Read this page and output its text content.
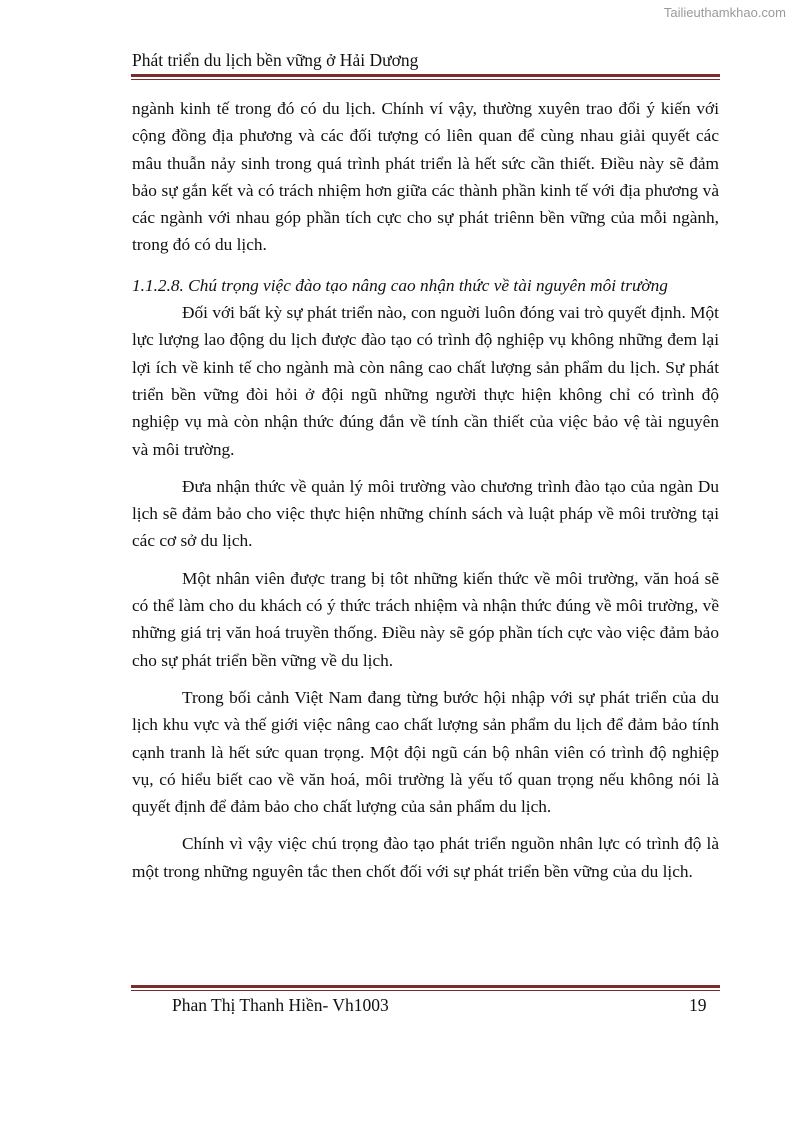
Tailieuthamkhao.com
Phát triển du lịch bền vững ở Hải Dương

ngành kinh tế trong đó có du lịch. Chính ví vậy, thường xuyên trao đổi ý kiến với cộng đồng địa phương và các đối tượng có liên quan để cùng nhau giải quyết các mâu thuẫn nảy sinh trong quá trình phát triển là hết sức cần thiết. Điều này sẽ đảm bảo sự gắn kết và có trách nhiệm hơn giữa các thành phần kinh tế với địa phương và các ngành với nhau góp phần tích cực cho sự phát triênn bền vững của mỗi ngành, trong đó có du lịch.

1.1.2.8. Chú trọng việc đào tạo nâng cao nhận thức về tài nguyên môi trường

Đối với bất kỳ sự phát triển nào, con nguời luôn đóng vai trò quyết định. Một lực lượng lao động du lịch được đào tạo có trình độ nghiệp vụ không những đem lại lợi ích về kinh tế cho ngành mà còn nâng cao chất lượng sản phẩm du lịch. Sự phát triển bền vững đòi hỏi ở đội ngũ những người thực hiện không chỉ có trình độ nghiệp vụ mà còn nhận thức đúng đắn về tính cần thiết của việc bảo vệ tài nguyên và môi trường.

Đưa nhận thức về quản lý môi trường vào chương trình đào tạo của ngàn Du lịch sẽ đảm bảo cho việc thực hiện những chính sách và luật pháp về môi trường tại các cơ sở du lịch.

Một nhân viên được trang bị tôt những kiến thức về môi trường, văn hoá sẽ có thể làm cho du khách có ý thức trách nhiệm và nhận thức đúng về môi trường, về những giá trị văn hoá truyền thống. Điều này sẽ góp phần tích cực vào việc đảm bảo cho sự phát triển bền vững về du lịch.

Trong bối cảnh Việt Nam đang từng bước hội nhập với sự phát triển của du lịch khu vực và thế giới việc nâng cao chất lượng sản phẩm du lịch để đảm bảo tính cạnh tranh là hết sức quan trọng. Một đội ngũ cán bộ nhân viên có trình độ nghiệp vụ, có hiểu biết cao về văn hoá, môi trường là yếu tố quan trọng nếu không nói là quyết định để đảm bảo cho chất lượng của sản phẩm du lịch.

Chính vì vậy việc chú trọng đào tạo phát triển nguồn nhân lực có trình độ là một trong những nguyên tắc then chốt đối với sự phát triển bền vững của du lịch.

Phan Thị Thanh Hiền- Vh1003	19
